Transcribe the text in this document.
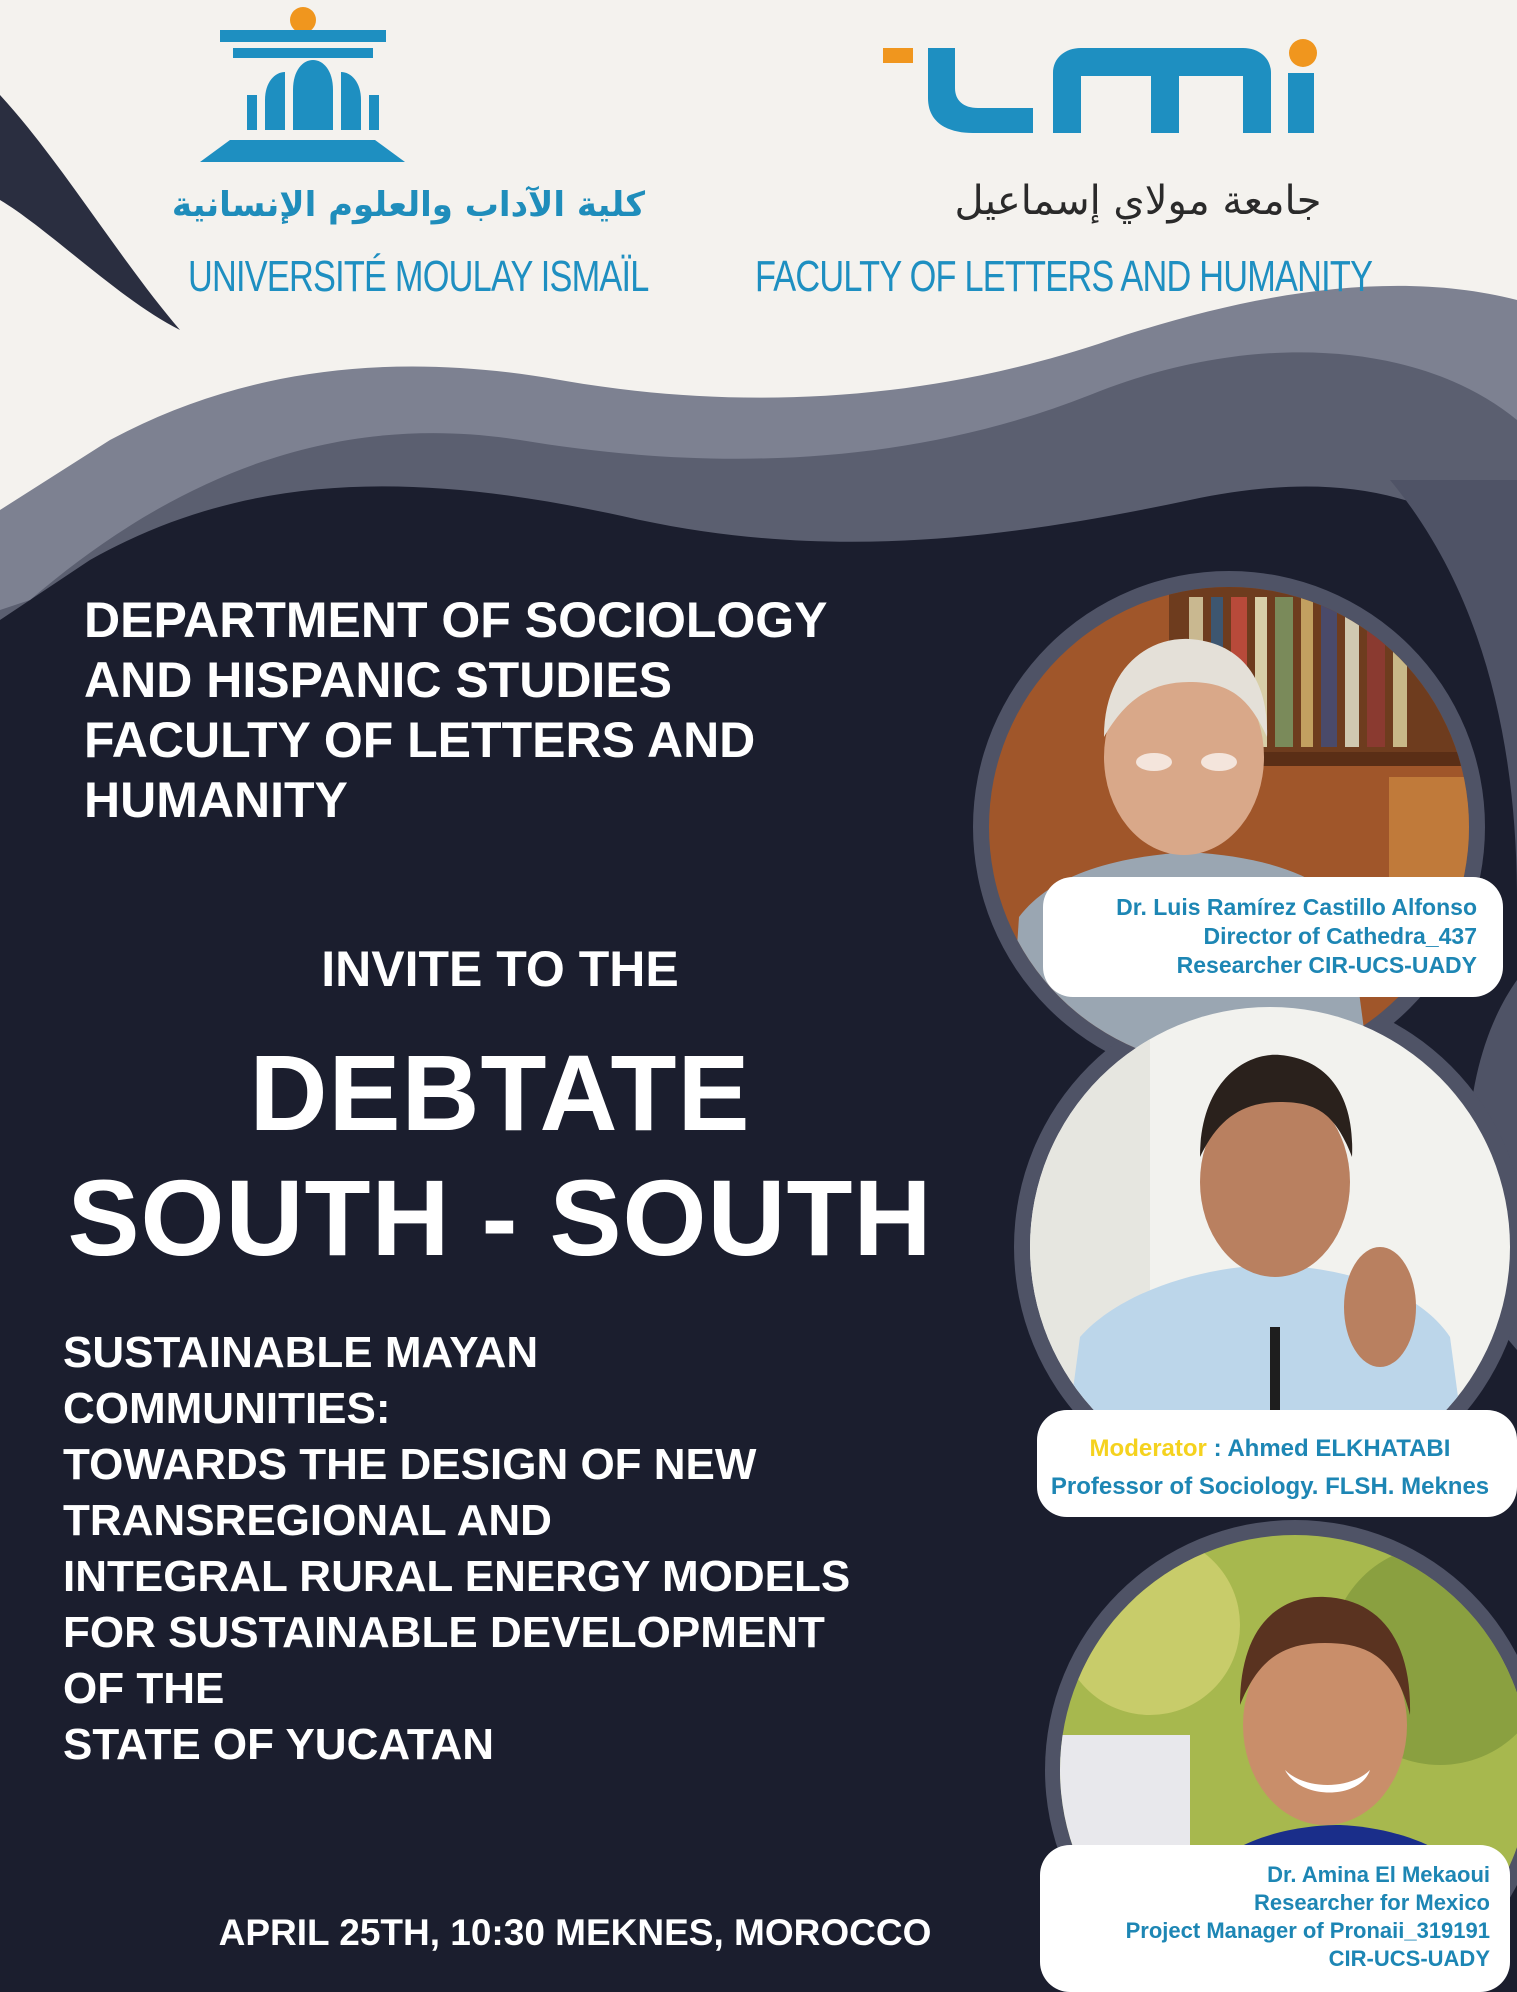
كلية الآداب والعلوم الإنسانية	جامعة مولاي إسماعيل
UNIVERSITÉ MOULAY ISMAÏL FACULTY OF LETTERS AND HUMANITY
DEPARTMENT OF SOCIOLOGY
AND HISPANIC STUDIES
FACULTY OF LETTERS AND
HUMANITY
INVITE TO THE
DEBTATE
SOUTH - SOUTH
SUSTAINABLE MAYAN
COMMUNITIES:
TOWARDS THE DESIGN OF NEW
TRANSREGIONAL AND
INTEGRAL RURAL ENERGY MODELS
FOR SUSTAINABLE DEVELOPMENT
OF THE
STATE OF YUCATAN
APRIL 25TH, 10:30 MEKNES, MOROCCO
Dr. Luis Ramírez Castillo Alfonso
Director of Cathedra_437
Researcher CIR-UCS-UADY
Moderator : Ahmed ELKHATABI
Professor of Sociology. FLSH. Meknes
Dr. Amina El Mekaoui
Researcher for Mexico
Project Manager of Pronaii_319191
CIR-UCS-UADY
